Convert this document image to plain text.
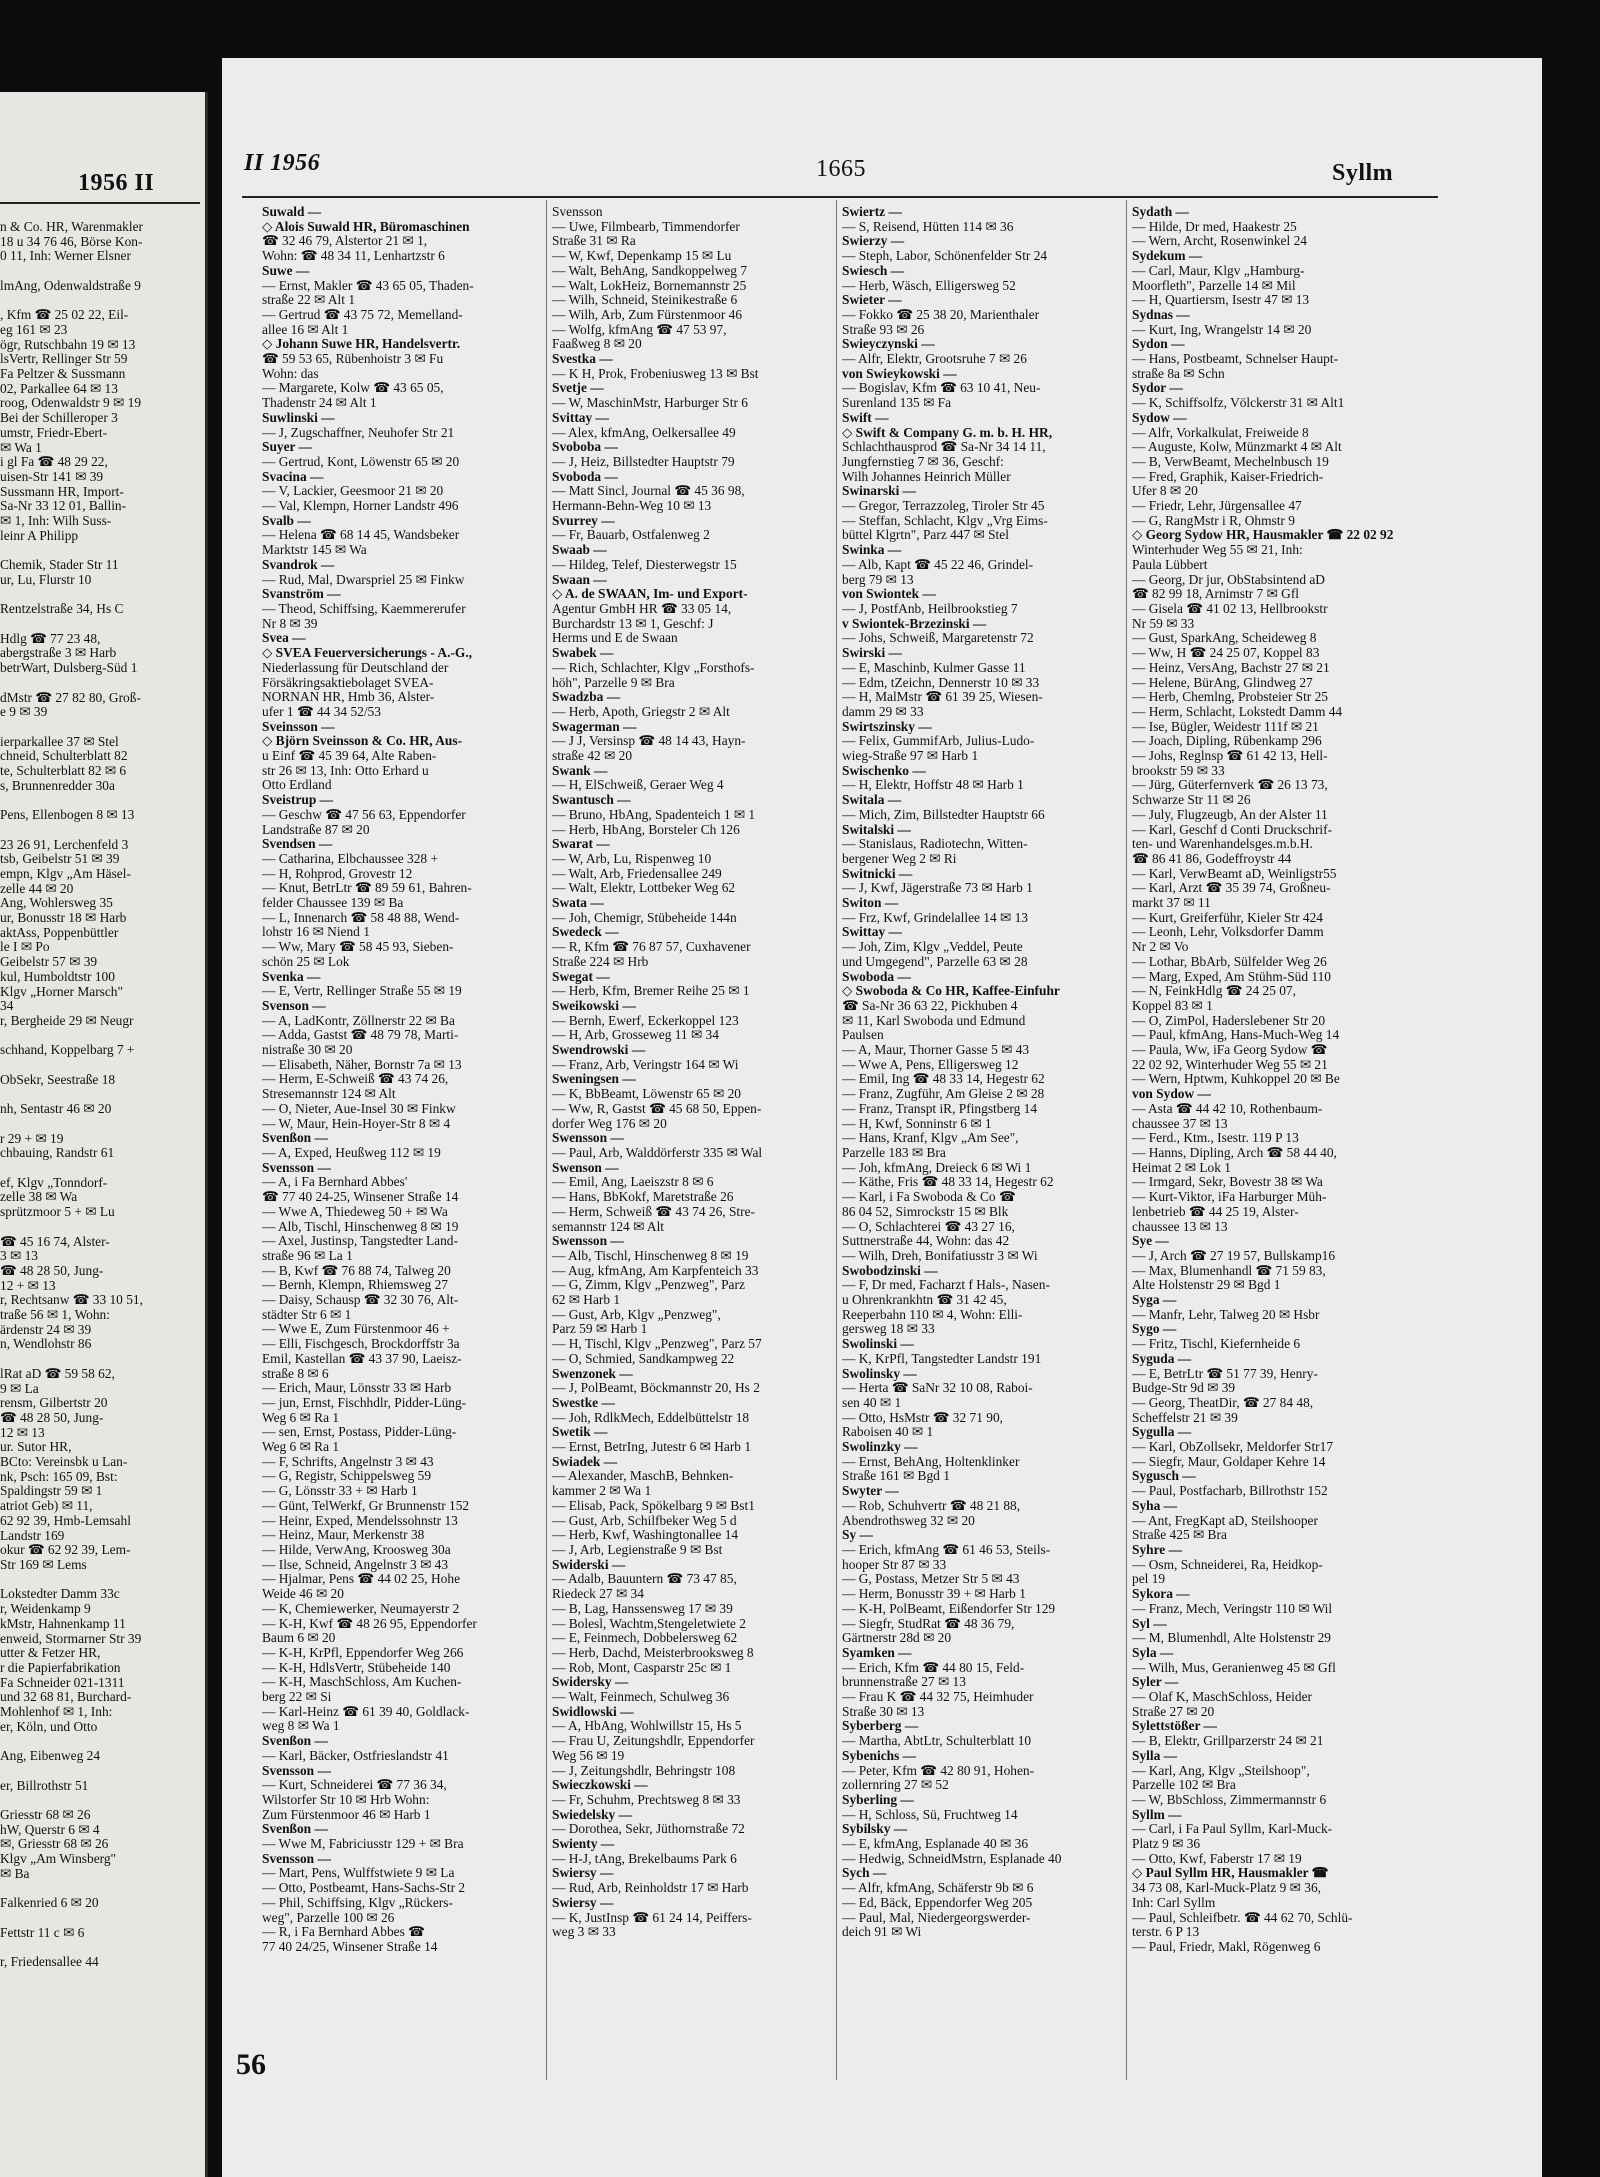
1956 II

n & Co. HR, Warenmakler

18 u 34 76 46, Börse Kon-

0 11, Inh: Werner Elsner

lmAng, Odenwaldstraße 9

, Kfm ☎ 25 02 22, Eil-

eg 161 ✉ 23

ögr, Rutschbahn 19 ✉ 13

lsVertr, Rellinger Str 59

Fa Peltzer & Sussmann

02, Parkallee 64 ✉ 13

roog, Odenwaldstr 9 ✉ 19

Bei der Schilleroper 3

umstr, Friedr-Ebert-

✉ Wa 1

i gl Fa ☎ 48 29 22,

uisen-Str 141 ✉ 39

Sussmann HR, Import-

Sa-Nr 33 12 01, Ballin-

✉ 1, Inh: Wilh Suss-

leinr A Philipp

Chemik, Stader Str 11

ur, Lu, Flurstr 10

Rentzelstraße 34, Hs C

Hdlg ☎ 77 23 48,

abergstraße 3 ✉ Harb

betrWart, Dulsberg-Süd 1

dMstr ☎ 27 82 80, Groß-

e 9 ✉ 39

ierparkallee 37 ✉ Stel

chneid, Schulterblatt 82

te, Schulterblatt 82 ✉ 6

s, Brunnenredder 30a

Pens, Ellenbogen 8 ✉ 13

23 26 91, Lerchenfeld 3

tsb, Geibelstr 51 ✉ 39

empn, Klgv „Am Häsel-

zelle 44 ✉ 20

Ang, Wohlersweg 35

ur, Bonusstr 18 ✉ Harb

aktAss, Poppenbüttler

le I ✉ Po

Geibelstr 57 ✉ 39

kul, Humboldtstr 100

Klgv „Horner Marsch"

34

r, Bergheide 29 ✉ Neugr

schhand, Koppelbarg 7 +

ObSekr, Seestraße 18

nh, Sentastr 46 ✉ 20

r 29 + ✉ 19

chbauing, Randstr 61

ef, Klgv „Tonndorf-

zelle 38 ✉ Wa

sprützmoor 5 + ✉ Lu

☎ 45 16 74, Alster-

3 ✉ 13

☎ 48 28 50, Jung-

12 + ✉ 13

r, Rechtsanw ☎ 33 10 51,

traße 56 ✉ 1, Wohn:

ärdenstr 24 ✉ 39

n, Wendlohstr 86

lRat aD ☎ 59 58 62,

9 ✉ La

rensm, Gilbertstr 20

☎ 48 28 50, Jung-

12 ✉ 13

ur. Sutor HR,

BCto: Vereinsbk u Lan-

nk, Psch: 165 09, Bst:

Spaldingstr 59 ✉ 1

atriot Geb) ✉ 11,

62 92 39, Hmb-Lemsahl

Landstr 169

okur ☎ 62 92 39, Lem-

Str 169 ✉ Lems

Lokstedter Damm 33c

r, Weidenkamp 9

kMstr, Hahnenkamp 11

enweid, Stormarner Str 39

utter & Fetzer HR,

r die Papierfabrikation

Fa Schneider 021-1311

und 32 68 81, Burchard-

Mohlenhof ✉ 1, Inh:

er, Köln, und Otto

Ang, Eibenweg 24

er, Billrothstr 51

Griesstr 68 ✉ 26

hW, Querstr 6 ✉ 4

✉, Griesstr 68 ✉ 26

Klgv „Am Winsberg"

✉ Ba

Falkenried 6 ✉ 20

Fettstr 11 c ✉ 6

r, Friedensallee 44

II 1956	1665	Syllm
56

Suwald —

◇ Alois Suwald HR, Büromaschinen

☎ 32 46 79, Alstertor 21 ✉ 1,

Wohn: ☎ 48 34 11, Lenhartzstr 6

Suwe —

— Ernst, Makler ☎ 43 65 05, Thaden-

straße 22 ✉ Alt 1

— Gertrud ☎ 43 75 72, Memelland-

allee 16 ✉ Alt 1

◇ Johann Suwe HR, Handelsvertr.

☎ 59 53 65, Rübenhoistr 3 ✉ Fu

Wohn: das

— Margarete, Kolw ☎ 43 65 05,

Thadenstr 24 ✉ Alt 1

Suwlinski —

— J, Zugschaffner, Neuhofer Str 21

Suyer —

— Gertrud, Kont, Löwenstr 65 ✉ 20

Svacina —

— V, Lackier, Geesmoor 21 ✉ 20

— Val, Klempn, Horner Landstr 496

Svalb —

— Helena ☎ 68 14 45, Wandsbeker

Marktstr 145 ✉ Wa

Svandrok —

— Rud, Mal, Dwarspriel 25 ✉ Finkw

Svanström —

— Theod, Schiffsing, Kaemmererufer

Nr 8 ✉ 39

Svea —

◇ SVEA Feuerversicherungs - A.-G.,

Niederlassung für Deutschland der

Försäkringsaktiebolaget SVEA-

NORNAN HR, Hmb 36, Alster-

ufer 1 ☎ 44 34 52/53

Sveinsson —

◇ Björn Sveinsson & Co. HR, Aus-

u Einf ☎ 45 39 64, Alte Raben-

str 26 ✉ 13, Inh: Otto Erhard u

Otto Erdland

Sveistrup —

— Geschw ☎ 47 56 63, Eppendorfer

Landstraße 87 ✉ 20

Svendsen —

— Catharina, Elbchaussee 328 +

— H, Rohprod, Grovestr 12

— Knut, BetrLtr ☎ 89 59 61, Bahren-

felder Chaussee 139 ✉ Ba

— L, Innenarch ☎ 58 48 88, Wend-

lohstr 16 ✉ Niend 1

— Ww, Mary ☎ 58 45 93, Sieben-

schön 25 ✉ Lok

Svenka —

— E, Vertr, Rellinger Straße 55 ✉ 19

Svenson —

— A, LadKontr, Zöllnerstr 22 ✉ Ba

— Adda, Gastst ☎ 48 79 78, Marti-

nistraße 30 ✉ 20

— Elisabeth, Näher, Bornstr 7a ✉ 13

— Herm, E-Schweiß ☎ 43 74 26,

Stresemannstr 124 ✉ Alt

— O, Nieter, Aue-Insel 30 ✉ Finkw

— W, Maur, Hein-Hoyer-Str 8 ✉ 4

Svenßon —

— A, Exped, Heußweg 112 ✉ 19

Svensson —

— A, i Fa Bernhard Abbes'

☎ 77 40 24-25, Winsener Straße 14

— Wwe A, Thiedeweg 50 + ✉ Wa

— Alb, Tischl, Hinschenweg 8 ✉ 19

— Axel, Justinsp, Tangstedter Land-

straße 96 ✉ La 1

— B, Kwf ☎ 76 88 74, Talweg 20

— Bernh, Klempn, Rhiemsweg 27

— Daisy, Schausp ☎ 32 30 76, Alt-

städter Str 6 ✉ 1

— Wwe E, Zum Fürstenmoor 46 +

— Elli, Fischgesch, Brockdorffstr 3a

Emil, Kastellan ☎ 43 37 90, Laeisz-

straße 8 ✉ 6

— Erich, Maur, Lönsstr 33 ✉ Harb

— jun, Ernst, Fischhdlr, Pidder-Lüng-

Weg 6 ✉ Ra 1

— sen, Ernst, Postass, Pidder-Lüng-

Weg 6 ✉ Ra 1

— F, Schrifts, Angelnstr 3 ✉ 43

— G, Registr, Schippelsweg 59

— G, Lönsstr 33 + ✉ Harb 1

— Günt, TelWerkf, Gr Brunnenstr 152

— Heinr, Exped, Mendelssohnstr 13

— Heinz, Maur, Merkenstr 38

— Hilde, VerwAng, Kroosweg 30a

— Ilse, Schneid, Angelnstr 3 ✉ 43

— Hjalmar, Pens ☎ 44 02 25, Hohe

Weide 46 ✉ 20

— K, Chemiewerker, Neumayerstr 2

— K-H, Kwf ☎ 48 26 95, Eppendorfer

Baum 6 ✉ 20

— K-H, KrPfl, Eppendorfer Weg 266

— K-H, HdlsVertr, Stübeheide 140

— K-H, MaschSchloss, Am Kuchen-

berg 22 ✉ Si

— Karl-Heinz ☎ 61 39 40, Goldlack-

weg 8 ✉ Wa 1

Svenßon —

— Karl, Bäcker, Ostfrieslandstr 41

Svensson —

— Kurt, Schneiderei ☎ 77 36 34,

Wilstorfer Str 10 ✉ Hrb Wohn:

Zum Fürstenmoor 46 ✉ Harb 1

Svenßon —

— Wwe M, Fabriciusstr 129 + ✉ Bra

Svensson —

— Mart, Pens, Wulffstwiete 9 ✉ La

— Otto, Postbeamt, Hans-Sachs-Str 2

— Phil, Schiffsing, Klgv „Rückers-

weg", Parzelle 100 ✉ 26

— R, i Fa Bernhard Abbes ☎

77 40 24/25, Winsener Straße 14

Svensson

— Uwe, Filmbearb, Timmendorfer

Straße 31 ✉ Ra

— W, Kwf, Depenkamp 15 ✉ Lu

— Walt, BehAng, Sandkoppelweg 7

— Walt, LokHeiz, Bornemannstr 25

— Wilh, Schneid, Steinikestraße 6

— Wilh, Arb, Zum Fürstenmoor 46

— Wolfg, kfmAng ☎ 47 53 97,

Faaßweg 8 ✉ 20

Svestka —

— K H, Prok, Frobeniusweg 13 ✉ Bst

Svetje —

— W, MaschinMstr, Harburger Str 6

Svittay —

— Alex, kfmAng, Oelkersallee 49

Svoboba —

— J, Heiz, Billstedter Hauptstr 79

Svoboda —

— Matt Sincl, Journal ☎ 45 36 98,

Hermann-Behn-Weg 10 ✉ 13

Svurrey —

— Fr, Bauarb, Ostfalenweg 2

Swaab —

— Hildeg, Telef, Diesterwegstr 15

Swaan —

◇ A. de SWAAN, Im- und Export-

Agentur GmbH HR ☎ 33 05 14,

Burchardstr 13 ✉ 1, Geschf: J

Herms und E de Swaan

Swabek —

— Rich, Schlachter, Klgv „Forsthofs-

höh", Parzelle 9 ✉ Bra

Swadzba —

— Herb, Apoth, Griegstr 2 ✉ Alt

Swagerman —

— J J, Versinsp ☎ 48 14 43, Hayn-

straße 42 ✉ 20

Swank —

— H, ElSchweiß, Geraer Weg 4

Swantusch —

— Bruno, HbAng, Spadenteich 1 ✉ 1

— Herb, HbAng, Borsteler Ch 126

Swarat —

— W, Arb, Lu, Rispenweg 10

— Walt, Arb, Friedensallee 249

— Walt, Elektr, Lottbeker Weg 62

Swata —

— Joh, Chemigr, Stübeheide 144n

Swedeck —

— R, Kfm ☎ 76 87 57, Cuxhavener

Straße 224 ✉ Hrb

Swegat —

— Herb, Kfm, Bremer Reihe 25 ✉ 1

Sweikowski —

— Bernh, Ewerf, Eckerkoppel 123

— H, Arb, Grosseweg 11 ✉ 34

Swendrowski —

— Franz, Arb, Veringstr 164 ✉ Wi

Sweningsen —

— K, BbBeamt, Löwenstr 65 ✉ 20

— Ww, R, Gastst ☎ 45 68 50, Eppen-

dorfer Weg 176 ✉ 20

Swensson —

— Paul, Arb, Walddörferstr 335 ✉ Wal

Swenson —

— Emil, Ang, Laeiszstr 8 ✉ 6

— Hans, BbKokf, Maretstraße 26

— Herm, Schweiß ☎ 43 74 26, Stre-

semannstr 124 ✉ Alt

Swensson —

— Alb, Tischl, Hinschenweg 8 ✉ 19

— Aug, kfmAng, Am Karpfenteich 33

— G, Zimm, Klgv „Penzweg", Parz

62 ✉ Harb 1

— Gust, Arb, Klgv „Penzweg",

Parz 59 ✉ Harb 1

— H, Tischl, Klgv „Penzweg", Parz 57

— O, Schmied, Sandkampweg 22

Swenzonek —

— J, PolBeamt, Böckmannstr 20, Hs 2

Swestke —

— Joh, RdlkMech, Eddelbüttelstr 18

Swetik —

— Ernst, BetrIng, Jutestr 6 ✉ Harb 1

Swiadek —

— Alexander, MaschB, Behnken-

kammer 2 ✉ Wa 1

— Elisab, Pack, Spökelbarg 9 ✉ Bst1

— Gust, Arb, Schilfbeker Weg 5 d

— Herb, Kwf, Washingtonallee 14

— J, Arb, Legienstraße 9 ✉ Bst

Swiderski —

— Adalb, Bauuntern ☎ 73 47 85,

Riedeck 27 ✉ 34

— B, Lag, Hanssensweg 17 ✉ 39

— Bolesl, Wachtm,Stengeletwiete 2

— E, Feinmech, Dobbelersweg 62

— Herb, Dachd, Meisterbrooksweg 8

— Rob, Mont, Casparstr 25c ✉ 1

Swidersky —

— Walt, Feinmech, Schulweg 36

Swidlowski —

— A, HbAng, Wohlwillstr 15, Hs 5

— Frau U, Zeitungshdlr, Eppendorfer

Weg 56 ✉ 19

— J, Zeitungshdlr, Behringstr 108

Swieczkowski —

— Fr, Schuhm, Prechtsweg 8 ✉ 33

Swiedelsky —

— Dorothea, Sekr, Jüthornstraße 72

Swienty —

— H-J, tAng, Brekelbaums Park 6

Swiersy —

— Rud, Arb, Reinholdstr 17 ✉ Harb

Swiersy —

— K, JustInsp ☎ 61 24 14, Peiffers-

weg 3 ✉ 33

Swiertz —

— S, Reisend, Hütten 114 ✉ 36

Swierzy —

— Steph, Labor, Schönenfelder Str 24

Swiesch —

— Herb, Wäsch, Elligersweg 52

Swieter —

— Fokko ☎ 25 38 20, Marienthaler

Straße 93 ✉ 26

Swieyczynski —

— Alfr, Elektr, Grootsruhe 7 ✉ 26

von Swieykowski —

— Bogislav, Kfm ☎ 63 10 41, Neu-

Surenland 135 ✉ Fa

Swift —

◇ Swift & Company G. m. b. H. HR,

Schlachthausprod ☎ Sa-Nr 34 14 11,

Jungfernstieg 7 ✉ 36, Geschf:

Wilh Johannes Heinrich Müller

Swinarski —

— Gregor, Terrazzoleg, Tiroler Str 45

— Steffan, Schlacht, Klgv „Vrg Eims-

büttel Klgrtn", Parz 447 ✉ Stel

Swinka —

— Alb, Kapt ☎ 45 22 46, Grindel-

berg 79 ✉ 13

von Swiontek —

— J, PostfAnb, Heilbrookstieg 7

v Swiontek-Brzezinski —

— Johs, Schweiß, Margaretenstr 72

Swirski —

— E, Maschinb, Kulmer Gasse 11

— Edm, tZeichn, Dennerstr 10 ✉ 33

— H, MalMstr ☎ 61 39 25, Wiesen-

damm 29 ✉ 33

Swirtszinsky —

— Felix, GummifArb, Julius-Ludo-

wieg-Straße 97 ✉ Harb 1

Swischenko —

— H, Elektr, Hoffstr 48 ✉ Harb 1

Switala —

— Mich, Zim, Billstedter Hauptstr 66

Switalski —

— Stanislaus, Radiotechn, Witten-

bergener Weg 2 ✉ Ri

Switnicki —

— J, Kwf, Jägerstraße 73 ✉ Harb 1

Switon —

— Frz, Kwf, Grindelallee 14 ✉ 13

Swittay —

— Joh, Zim, Klgv „Veddel, Peute

und Umgegend", Parzelle 63 ✉ 28

Swoboda —

◇ Swoboda & Co HR, Kaffee-Einfuhr

☎ Sa-Nr 36 63 22, Pickhuben 4

✉ 11, Karl Swoboda und Edmund

Paulsen

— A, Maur, Thorner Gasse 5 ✉ 43

— Wwe A, Pens, Elligersweg 12

— Emil, Ing ☎ 48 33 14, Hegestr 62

— Franz, Zugführ, Am Gleise 2 ✉ 28

— Franz, Transpt iR, Pfingstberg 14

— H, Kwf, Sonninstr 6 ✉ 1

— Hans, Kranf, Klgv „Am See",

Parzelle 183 ✉ Bra

— Joh, kfmAng, Dreieck 6 ✉ Wi 1

— Käthe, Fris ☎ 48 33 14, Hegestr 62

— Karl, i Fa Swoboda & Co ☎

86 04 52, Simrockstr 15 ✉ Blk

— O, Schlachterei ☎ 43 27 16,

Suttnerstraße 44, Wohn: das 42

— Wilh, Dreh, Bonifatiusstr 3 ✉ Wi

Swobodzinski —

— F, Dr med, Facharzt f Hals-, Nasen-

u Ohrenkrankhtn ☎ 31 42 45,

Reeperbahn 110 ✉ 4, Wohn: Elli-

gersweg 18 ✉ 33

Swolinski —

— K, KrPfl, Tangstedter Landstr 191

Swolinsky —

— Herta ☎ SaNr 32 10 08, Raboi-

sen 40 ✉ 1

— Otto, HsMstr ☎ 32 71 90,

Raboisen 40 ✉ 1

Swolinzky —

— Ernst, BehAng, Holtenklinker

Straße 161 ✉ Bgd 1

Swyter —

— Rob, Schuhvertr ☎ 48 21 88,

Abendrothsweg 32 ✉ 20

Sy —

— Erich, kfmAng ☎ 61 46 53, Steils-

hooper Str 87 ✉ 33

— G, Postass, Metzer Str 5 ✉ 43

— Herm, Bonusstr 39 + ✉ Harb 1

— K-H, PolBeamt, Eißendorfer Str 129

— Siegfr, StudRat ☎ 48 36 79,

Gärtnerstr 28d ✉ 20

Syamken —

— Erich, Kfm ☎ 44 80 15, Feld-

brunnenstraße 27 ✉ 13

— Frau K ☎ 44 32 75, Heimhuder

Straße 30 ✉ 13

Syberberg —

— Martha, AbtLtr, Schulterblatt 10

Sybenichs —

— Peter, Kfm ☎ 42 80 91, Hohen-

zollernring 27 ✉ 52

Syberling —

— H, Schloss, Sü, Fruchtweg 14

Sybilsky —

— E, kfmAng, Esplanade 40 ✉ 36

— Hedwig, SchneidMstrn, Esplanade 40

Sych —

— Alfr, kfmAng, Schäferstr 9b ✉ 6

— Ed, Bäck, Eppendorfer Weg 205

— Paul, Mal, Niedergeorgswerder-

deich 91 ✉ Wi

Sydath —

— Hilde, Dr med, Haakestr 25

— Wern, Archt, Rosenwinkel 24

Sydekum —

— Carl, Maur, Klgv „Hamburg-

Moorfleth", Parzelle 14 ✉ Mil

— H, Quartiersm, Isestr 47 ✉ 13

Sydnas —

— Kurt, Ing, Wrangelstr 14 ✉ 20

Sydon —

— Hans, Postbeamt, Schnelser Haupt-

straße 8a ✉ Schn

Sydor —

— K, Schiffsolfz, Völckerstr 31 ✉ Alt1

Sydow —

— Alfr, Vorkalkulat, Freiweide 8

— Auguste, Kolw, Münzmarkt 4 ✉ Alt

— B, VerwBeamt, Mechelnbusch 19

— Fred, Graphik, Kaiser-Friedrich-

Ufer 8 ✉ 20

— Friedr, Lehr, Jürgensallee 47

— G, RangMstr i R, Ohmstr 9

◇ Georg Sydow HR, Hausmakler ☎ 22 02 92

Winterhuder Weg 55 ✉ 21, Inh:

Paula Lübbert

— Georg, Dr jur, ObStabsintend aD

☎ 82 99 18, Arnimstr 7 ✉ Gfl

— Gisela ☎ 41 02 13, Hellbrookstr

Nr 59 ✉ 33

— Gust, SparkAng, Scheideweg 8

— Ww, H ☎ 24 25 07, Koppel 83

— Heinz, VersAng, Bachstr 27 ✉ 21

— Helene, BürAng, Glindweg 27

— Herb, Chemlng, Probsteier Str 25

— Herm, Schlacht, Lokstedt Damm 44

— Ise, Bügler, Weidestr 111f ✉ 21

— Joach, Dipling, Rübenkamp 296

— Johs, Reglnsp ☎ 61 42 13, Hell-

brookstr 59 ✉ 33

— Jürg, Güterfernverk ☎ 26 13 73,

Schwarze Str 11 ✉ 26

— July, Flugzeugb, An der Alster 11

— Karl, Geschf d Conti Druckschrif-

ten- und Warenhandelsges.m.b.H.

☎ 86 41 86, Godeffroystr 44

— Karl, VerwBeamt aD, Weinligstr55

— Karl, Arzt ☎ 35 39 74, Großneu-

markt 37 ✉ 11

— Kurt, Greiferführ, Kieler Str 424

— Leonh, Lehr, Volksdorfer Damm

Nr 2 ✉ Vo

— Lothar, BbArb, Sülfelder Weg 26

— Marg, Exped, Am Stühm-Süd 110

— N, FeinkHdlg ☎ 24 25 07,

Koppel 83 ✉ 1

— O, ZimPol, Haderslebener Str 20

— Paul, kfmAng, Hans-Much-Weg 14

— Paula, Ww, iFa Georg Sydow ☎

22 02 92, Winterhuder Weg 55 ✉ 21

— Wern, Hptwm, Kuhkoppel 20 ✉ Be

von Sydow —

— Asta ☎ 44 42 10, Rothenbaum-

chaussee 37 ✉ 13

— Ferd., Ktm., Isestr. 119 P 13

— Hanns, Dipling, Arch ☎ 58 44 40,

Heimat 2 ✉ Lok 1

— Irmgard, Sekr, Bovestr 38 ✉ Wa

— Kurt-Viktor, iFa Harburger Müh-

lenbetrieb ☎ 44 25 19, Alster-

chaussee 13 ✉ 13

Sye —

— J, Arch ☎ 27 19 57, Bullskamp16

— Max, Blumenhandl ☎ 71 59 83,

Alte Holstenstr 29 ✉ Bgd 1

Syga —

— Manfr, Lehr, Talweg 20 ✉ Hsbr

Sygo —

— Fritz, Tischl, Kiefernheide 6

Syguda —

— E, BetrLtr ☎ 51 77 39, Henry-

Budge-Str 9d ✉ 39

— Georg, TheatDir, ☎ 27 84 48,

Scheffelstr 21 ✉ 39

Sygulla —

— Karl, ObZollsekr, Meldorfer Str17

— Siegfr, Maur, Goldaper Kehre 14

Sygusch —

— Paul, Postfacharb, Billrothstr 152

Syha —

— Ant, FregKapt aD, Steilshooper

Straße 425 ✉ Bra

Syhre —

— Osm, Schneiderei, Ra, Heidkop-

pel 19

Sykora —

— Franz, Mech, Veringstr 110 ✉ Wil

Syl —

— M, Blumenhdl, Alte Holstenstr 29

Syla —

— Wilh, Mus, Geranienweg 45 ✉ Gfl

Syler —

— Olaf K, MaschSchloss, Heider

Straße 27 ✉ 20

Sylettstößer —

— B, Elektr, Grillparzerstr 24 ✉ 21

Sylla —

— Karl, Ang, Klgv „Steilshoop",

Parzelle 102 ✉ Bra

— W, BbSchloss, Zimmermannstr 6

Syllm —

— Carl, i Fa Paul Syllm, Karl-Muck-

Platz 9 ✉ 36

— Otto, Kwf, Faberstr 17 ✉ 19

◇ Paul Syllm HR, Hausmakler ☎

34 73 08, Karl-Muck-Platz 9 ✉ 36,

Inh: Carl Syllm

— Paul, Schleifbetr. ☎ 44 62 70, Schlü-

terstr. 6 P 13

— Paul, Friedr, Makl, Rögenweg 6
